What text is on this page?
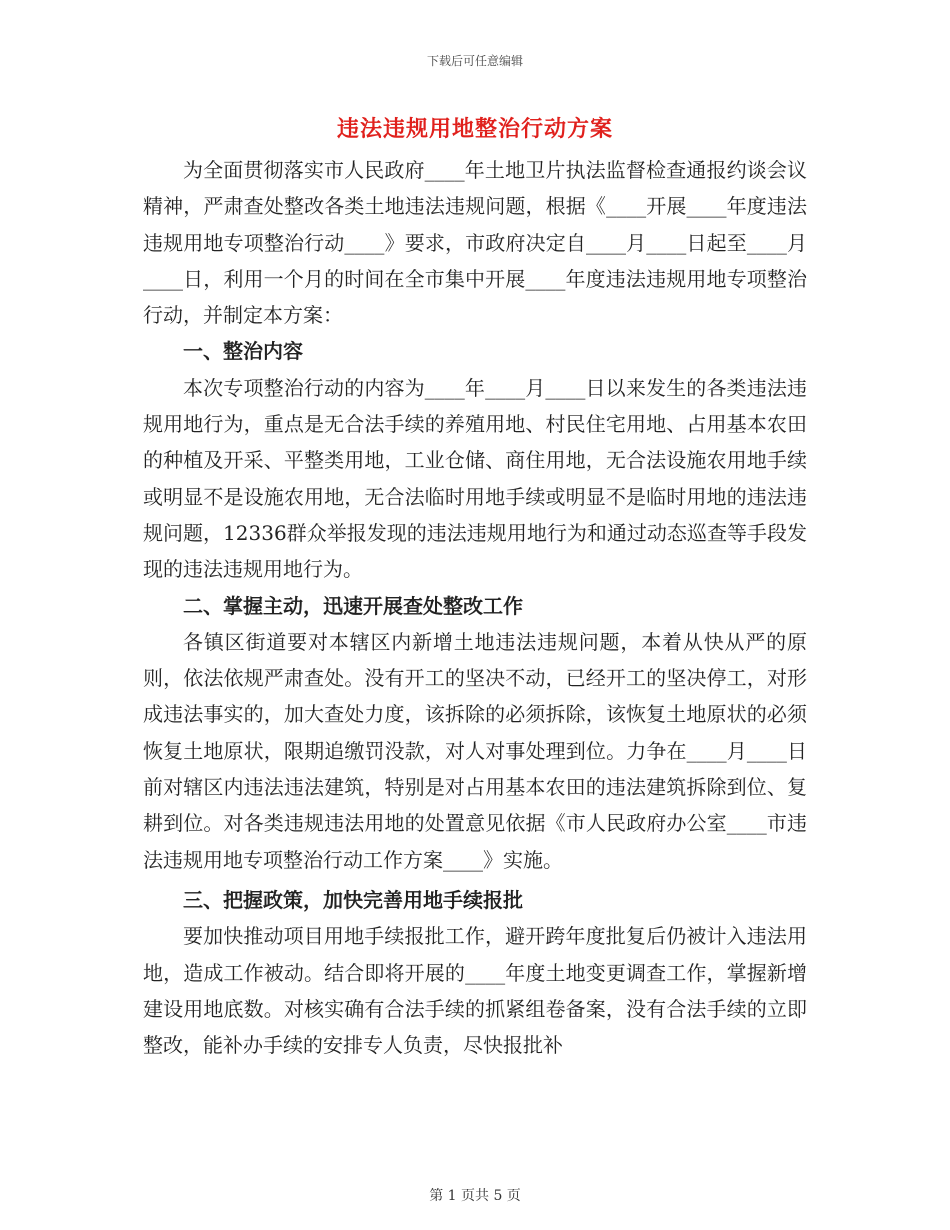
下载后可任意编辑
违法违规用地整治行动方案

为全面贯彻落实市人民政府____年土地卫片执法监督检查通报约谈会议精神，严肃查处整改各类土地违法违规问题，根据《____开展____年度违法违规用地专项整治行动____》要求，市政府决定自____月____日起至____月____日，利用一个月的时间在全市集中开展____年度违法违规用地专项整治行动，并制定本方案：

一、整治内容

本次专项整治行动的内容为____年____月____日以来发生的各类违法违规用地行为，重点是无合法手续的养殖用地、村民住宅用地、占用基本农田的种植及开采、平整类用地，工业仓储、商住用地，无合法设施农用地手续或明显不是设施农用地，无合法临时用地手续或明显不是临时用地的违法违规问题，12336群众举报发现的违法违规用地行为和通过动态巡查等手段发现的违法违规用地行为。

二、掌握主动，迅速开展查处整改工作

各镇区街道要对本辖区内新增土地违法违规问题，本着从快从严的原则，依法依规严肃查处。没有开工的坚决不动，已经开工的坚决停工，对形成违法事实的，加大查处力度，该拆除的必须拆除，该恢复土地原状的必须恢复土地原状，限期追缴罚没款，对人对事处理到位。力争在____月____日前对辖区内违法违法建筑，特别是对占用基本农田的违法建筑拆除到位、复耕到位。对各类违规违法用地的处置意见依据《市人民政府办公室____市违法违规用地专项整治行动工作方案____》实施。

三、把握政策，加快完善用地手续报批

要加快推动项目用地手续报批工作，避开跨年度批复后仍被计入违法用地，造成工作被动。结合即将开展的____年度土地变更调查工作，掌握新增建设用地底数。对核实确有合法手续的抓紧组卷备案，没有合法手续的立即整改，能补办手续的安排专人负责，尽快报批补

第 1 页共 5 页
